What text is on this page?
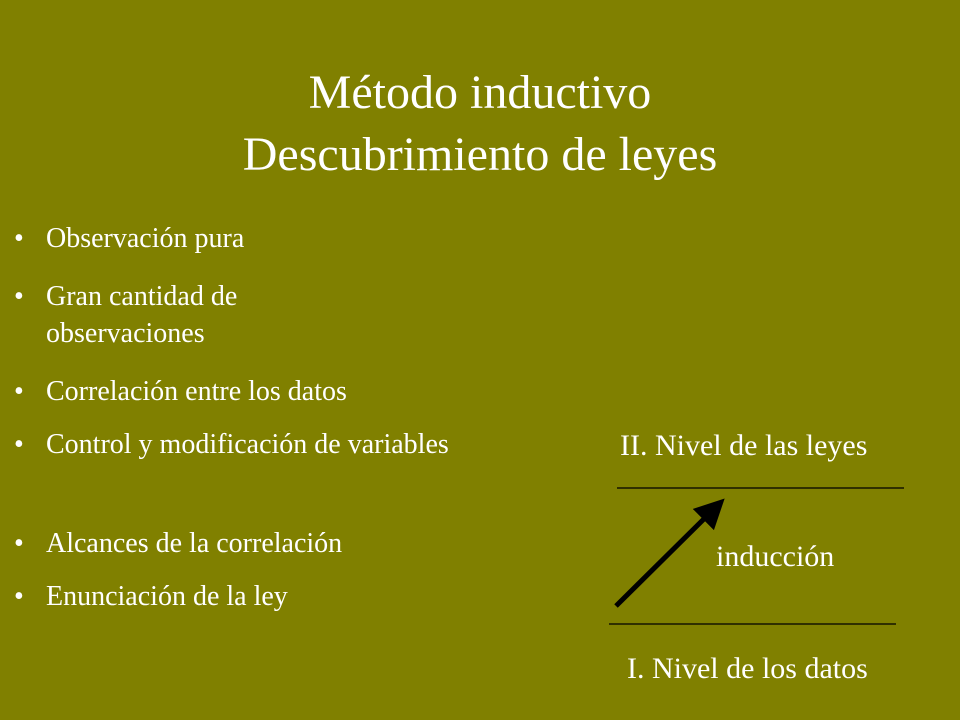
Método inductivo
Descubrimiento de leyes
• Observación pura
• Gran cantidad de observaciones
• Correlación entre los datos
• Control y modificación de variables
• Alcances de la correlación
• Enunciación de la ley
II. Nivel de las leyes
inducción
I. Nivel de los datos
